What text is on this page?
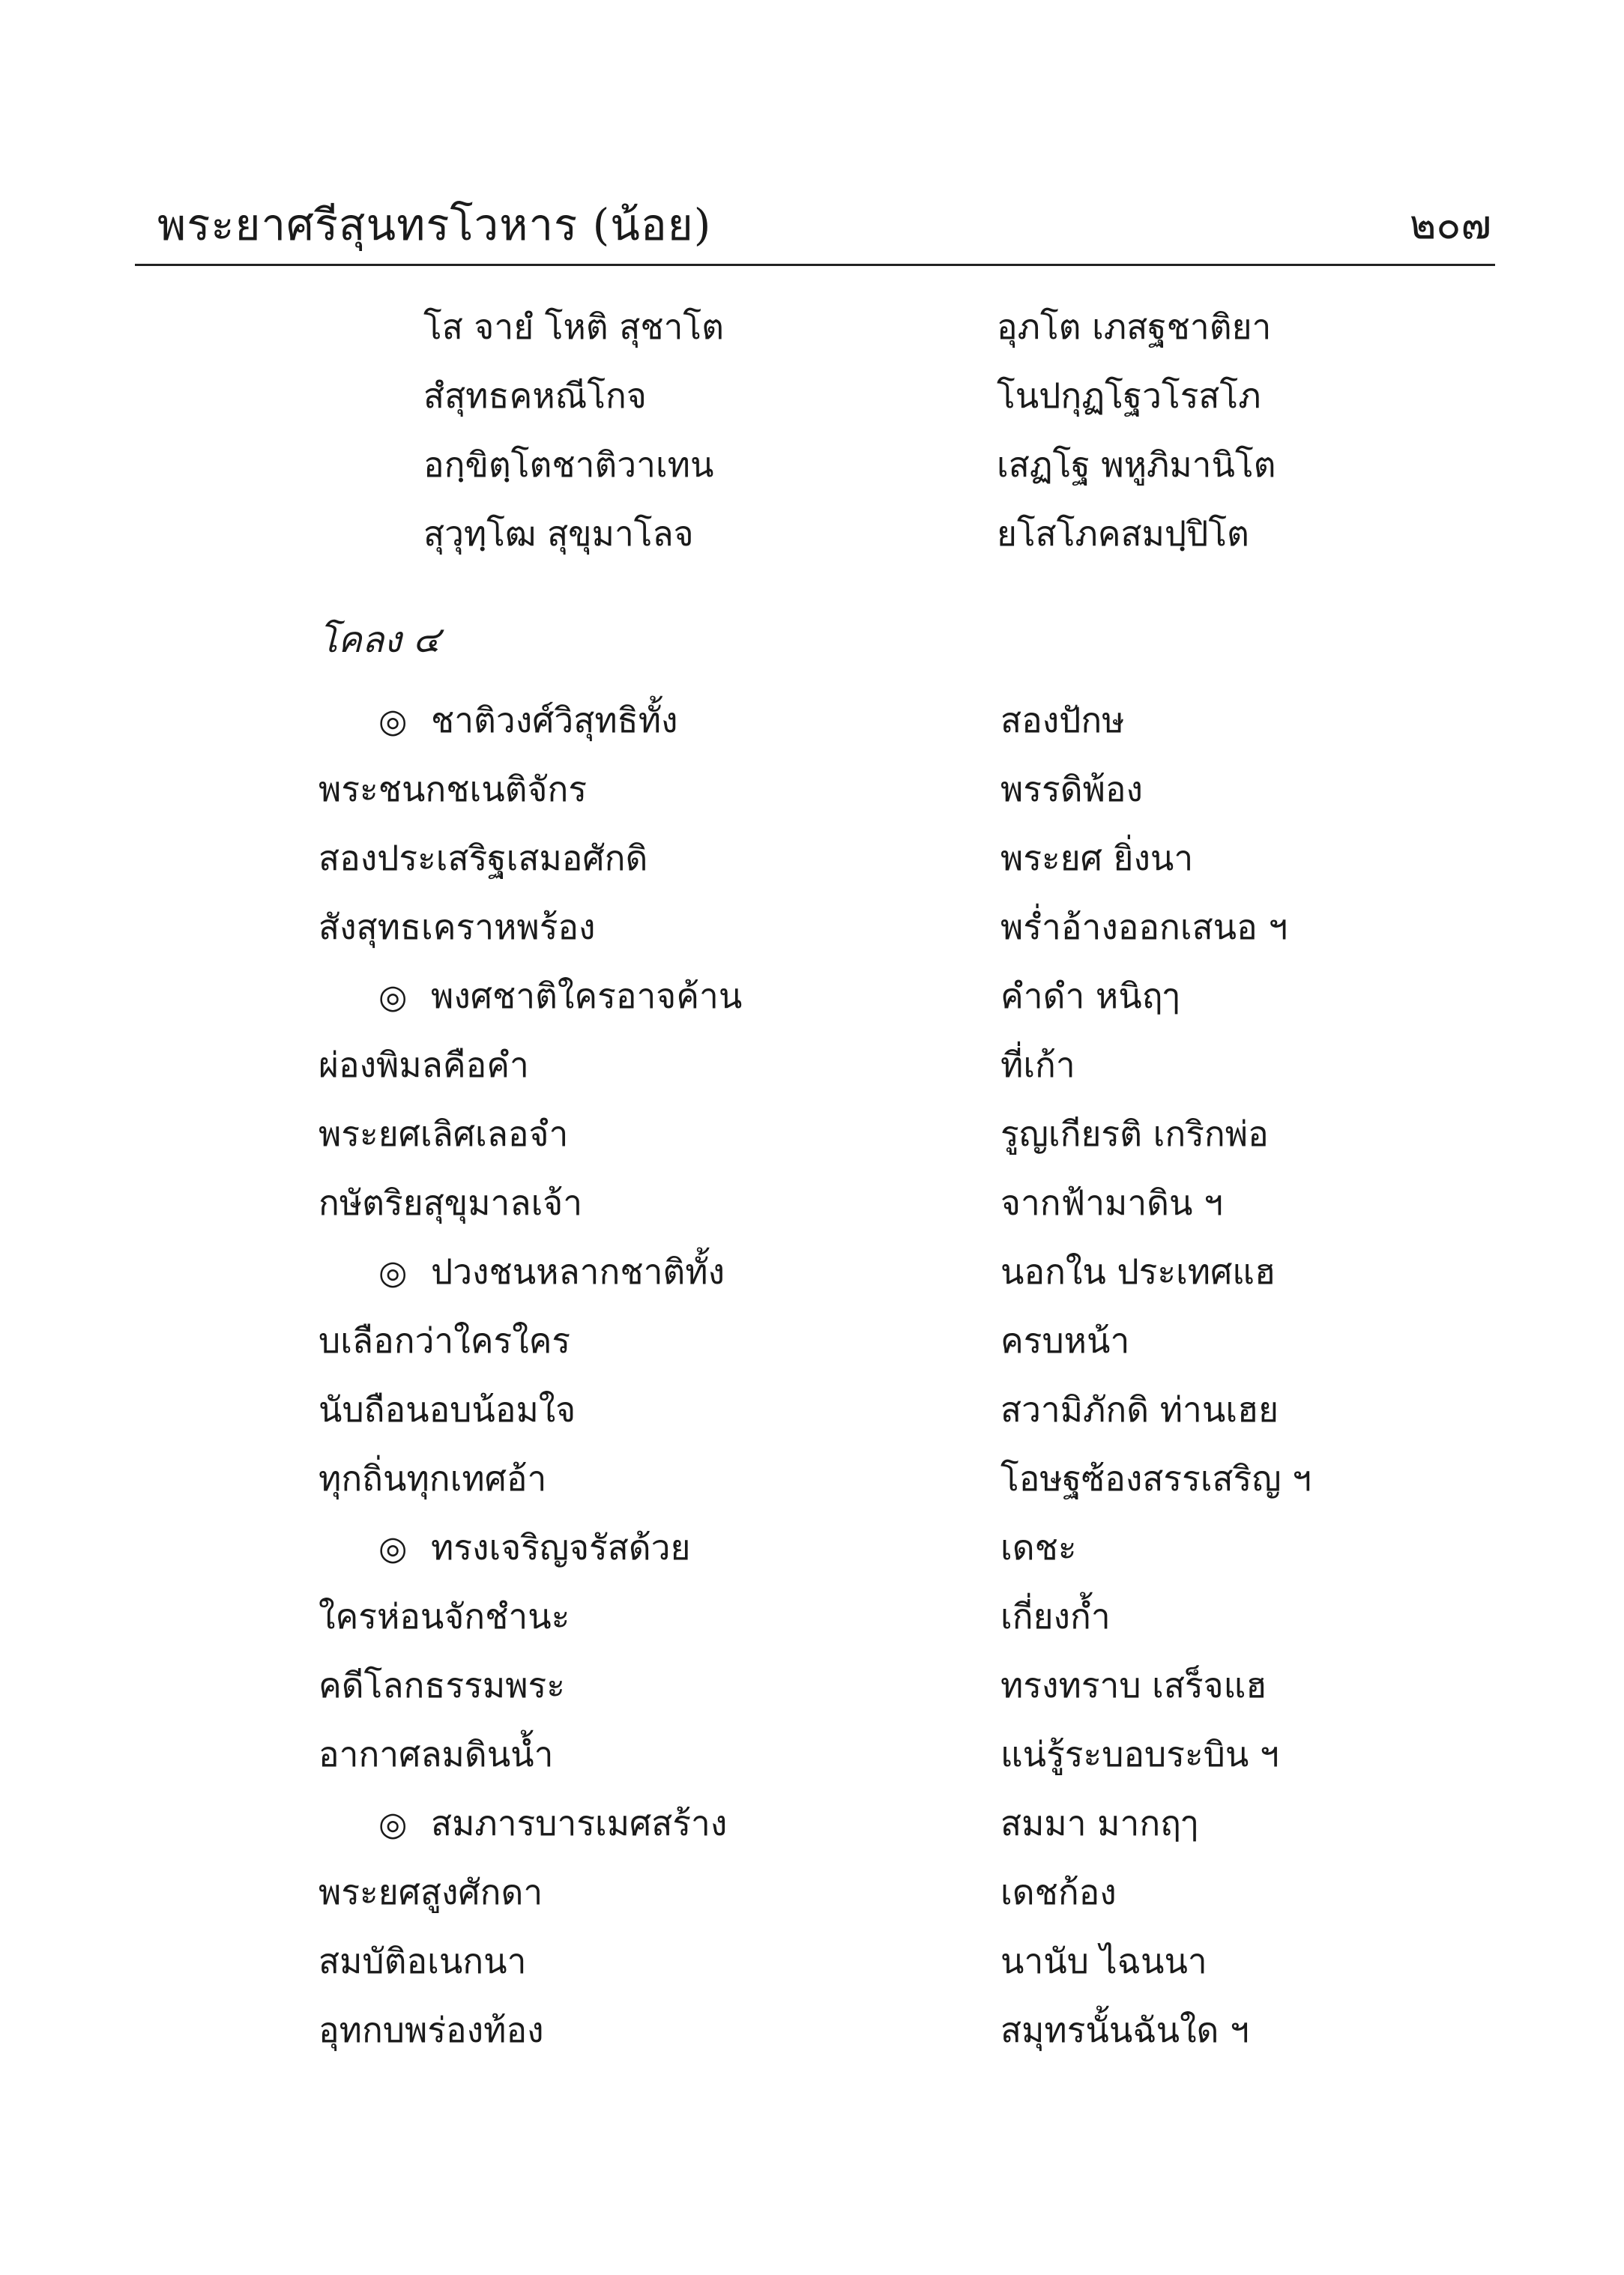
พระยาศรีสุนทรโวหาร (น้อย)	๒๐๗
โส จายํ โหติ สุชาโต	อุภโต เภสฐชาติยา
สํสุทธคหณีโกจ	โนปกุฏโฐวโรสโภ
อกฺขิตฺโตชาติวาเทน	เสฏโฐ พหูภิมานิโต
สุวุทฺโฒ สุขุมาโลจ	ยโสโภคสมปฺปิโต
โคลง ๔
◎ ชาติวงศ์วิสุทธิทั้ง	สองปักษ
พระชนกชเนติจักร	พรรดิพ้อง
สองประเสริฐเสมอศักดิ	พระยศ ยิ่งนา
สังสุทธเคราหพร้อง	พร่ำอ้างออกเสนอ ฯ
◎ พงศชาติใครอาจค้าน	คำดำ หนิฤๅ
ผ่องพิมลคือคำ	ที่เก้า
พระยศเลิศเลอจำ	รูญเกียรติ เกริกพ่อ
กษัตริยสุขุมาลเจ้า	จากฟ้ามาดิน ฯ
◎ ปวงชนหลากชาติทั้ง	นอกใน ประเทศแฮ
บเลือกว่าใครใคร	ครบหน้า
นับถือนอบน้อมใจ	สวามิภักดิ ท่านเฮย
ทุกถิ่นทุกเทศอ้า	โอษฐซ้องสรรเสริญ ฯ
◎ ทรงเจริญจรัสด้วย	เดชะ
ใครห่อนจักชำนะ	เกี่ยงก้ำ
คดีโลกธรรมพระ	ทรงทราบ เสร็จแฮ
อากาศลมดินน้ำ	แน่รู้ระบอบระบิน ฯ
◎ สมภารบารเมศสร้าง	สมมา มากฤๅ
พระยศสูงศักดา	เดชก้อง
สมบัติอเนกนา	นานับ ไฉนนา
อุทกบพร่องท้อง	สมุทรนั้นฉันใด ฯ
